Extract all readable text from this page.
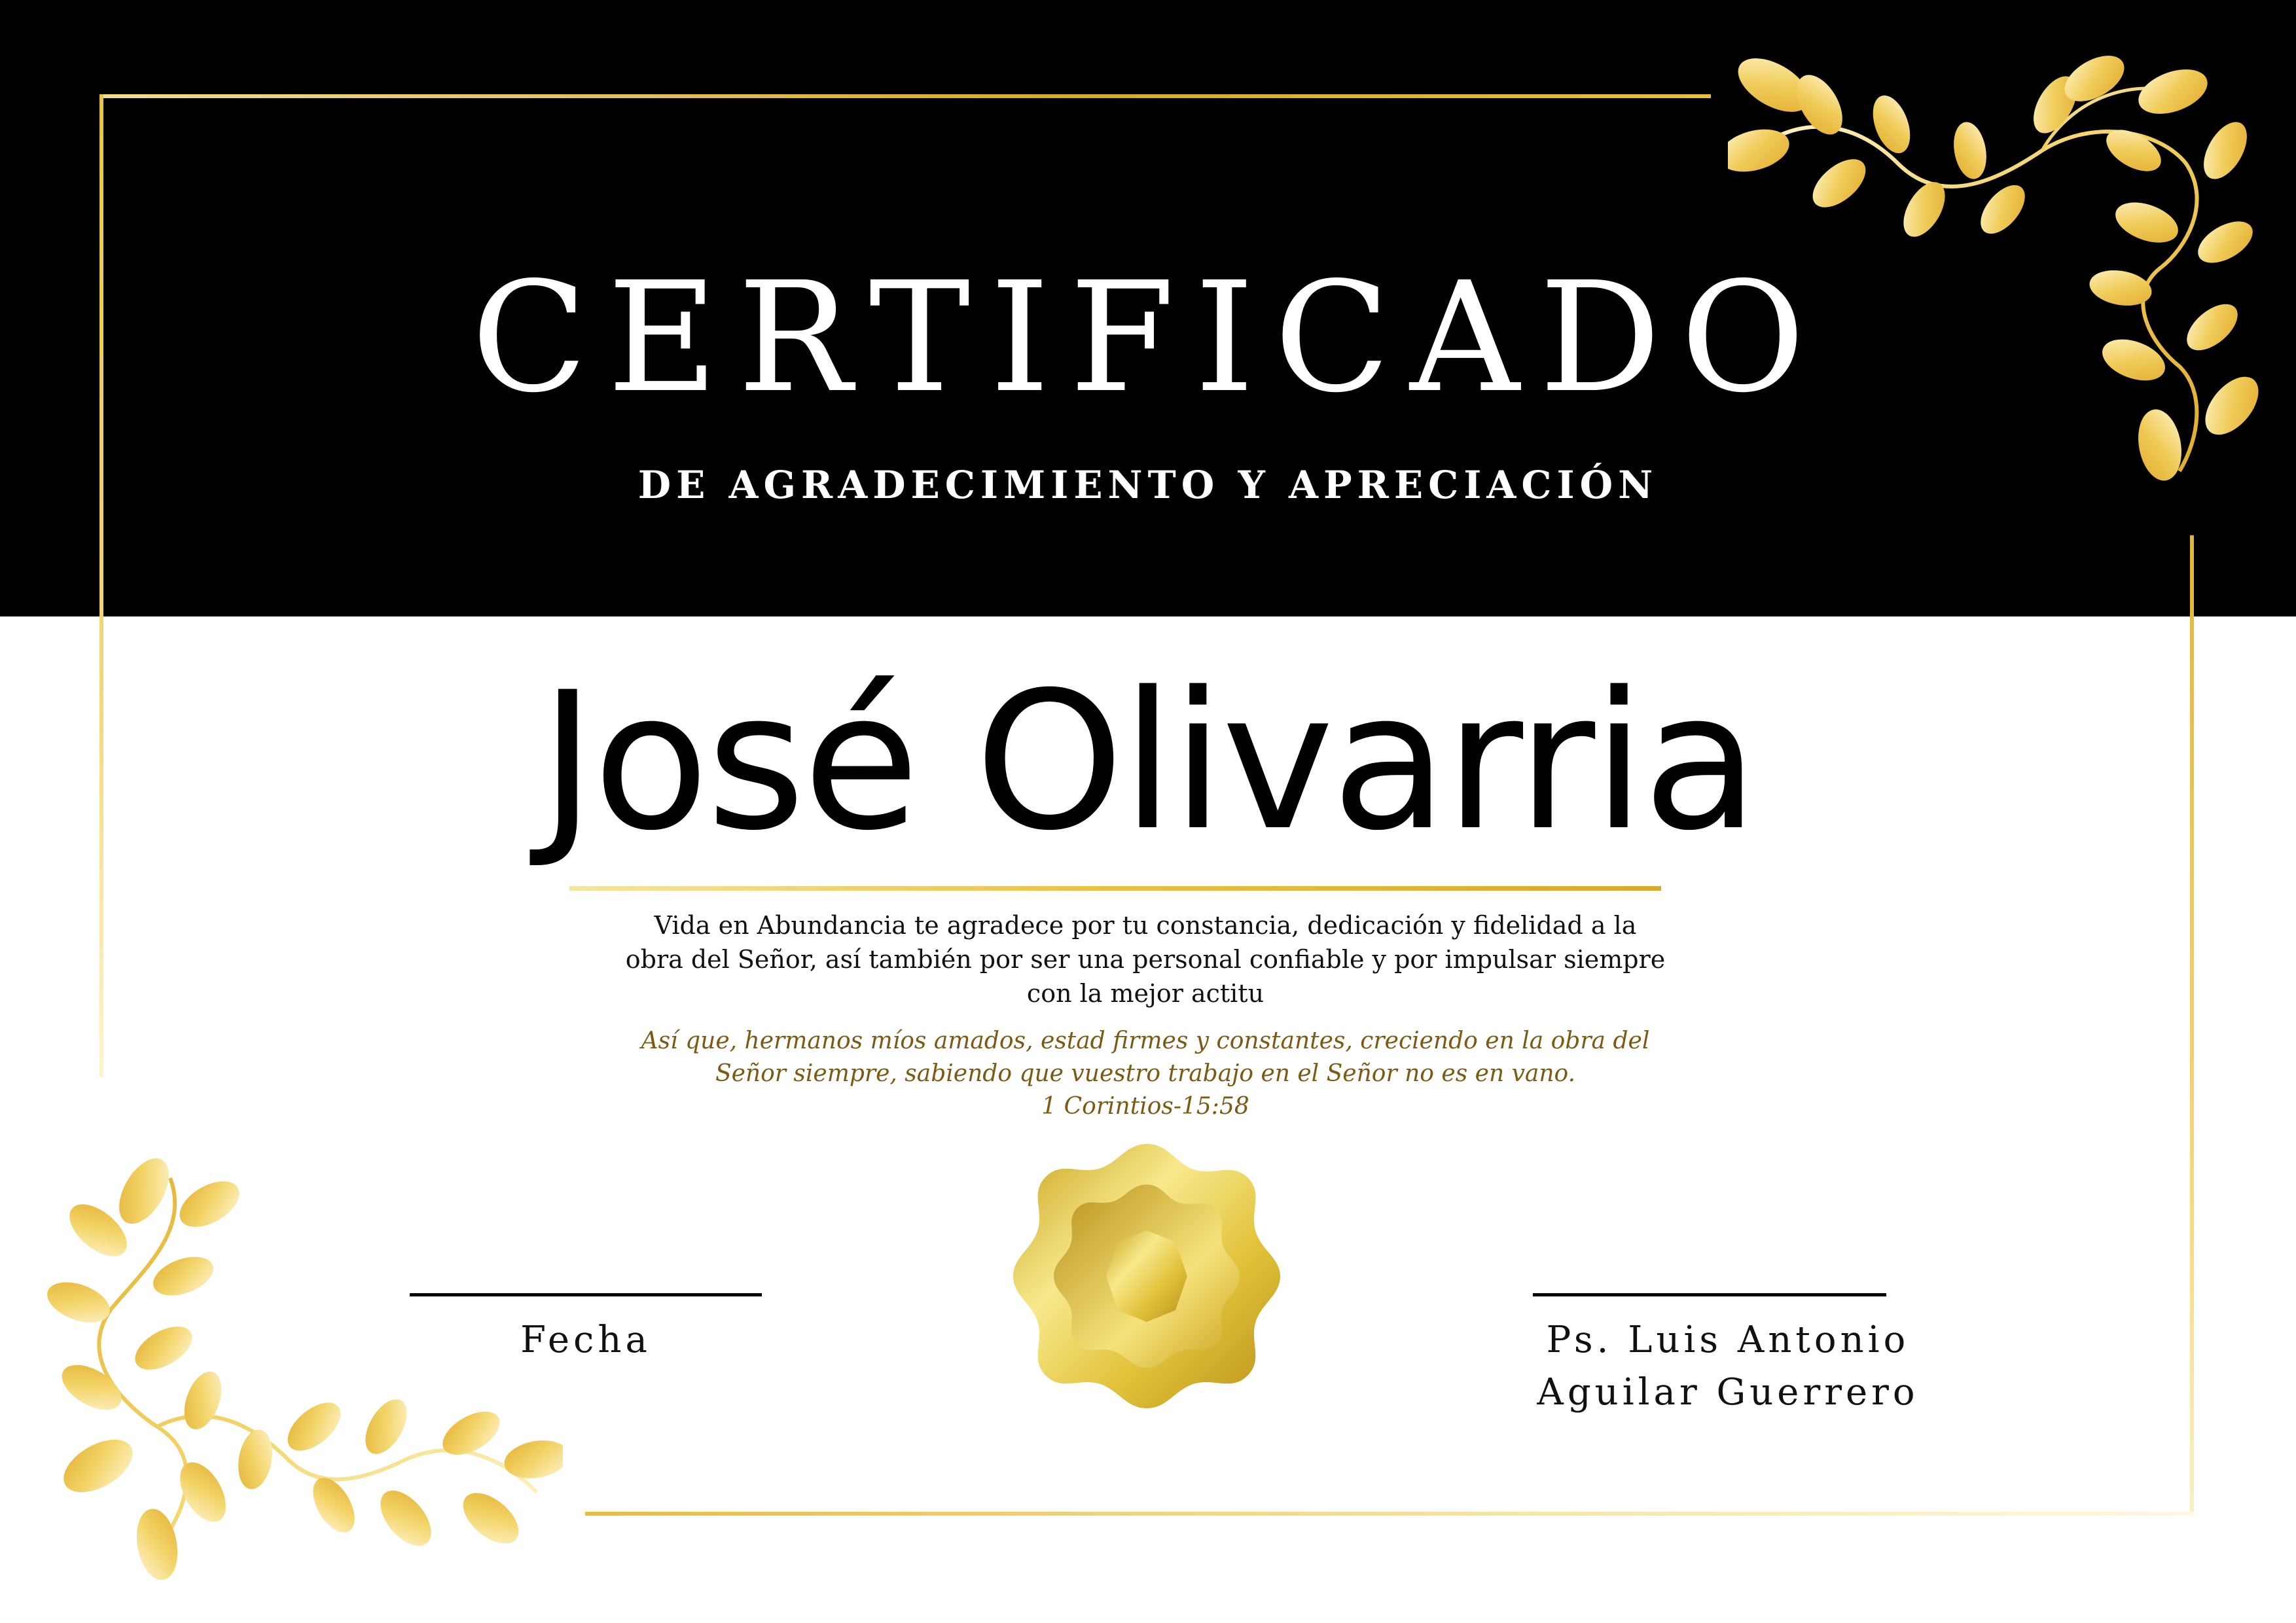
CERTIFICADO
DE AGRADECIMIENTO Y APRECIACIÓN
José Olivarria
Vida en Abundancia te agradece por tu constancia, dedicación y fidelidad a la
obra del Señor, así también por ser una personal confiable y por impulsar siempre
con la mejor actitu
Así que, hermanos míos amados, estad firmes y constantes, creciendo en la obra del
Señor siempre, sabiendo que vuestro trabajo en el Señor no es en vano.
1 Corintios-15:58
Fecha	Ps. Luis Antonio
Aguilar Guerrero
